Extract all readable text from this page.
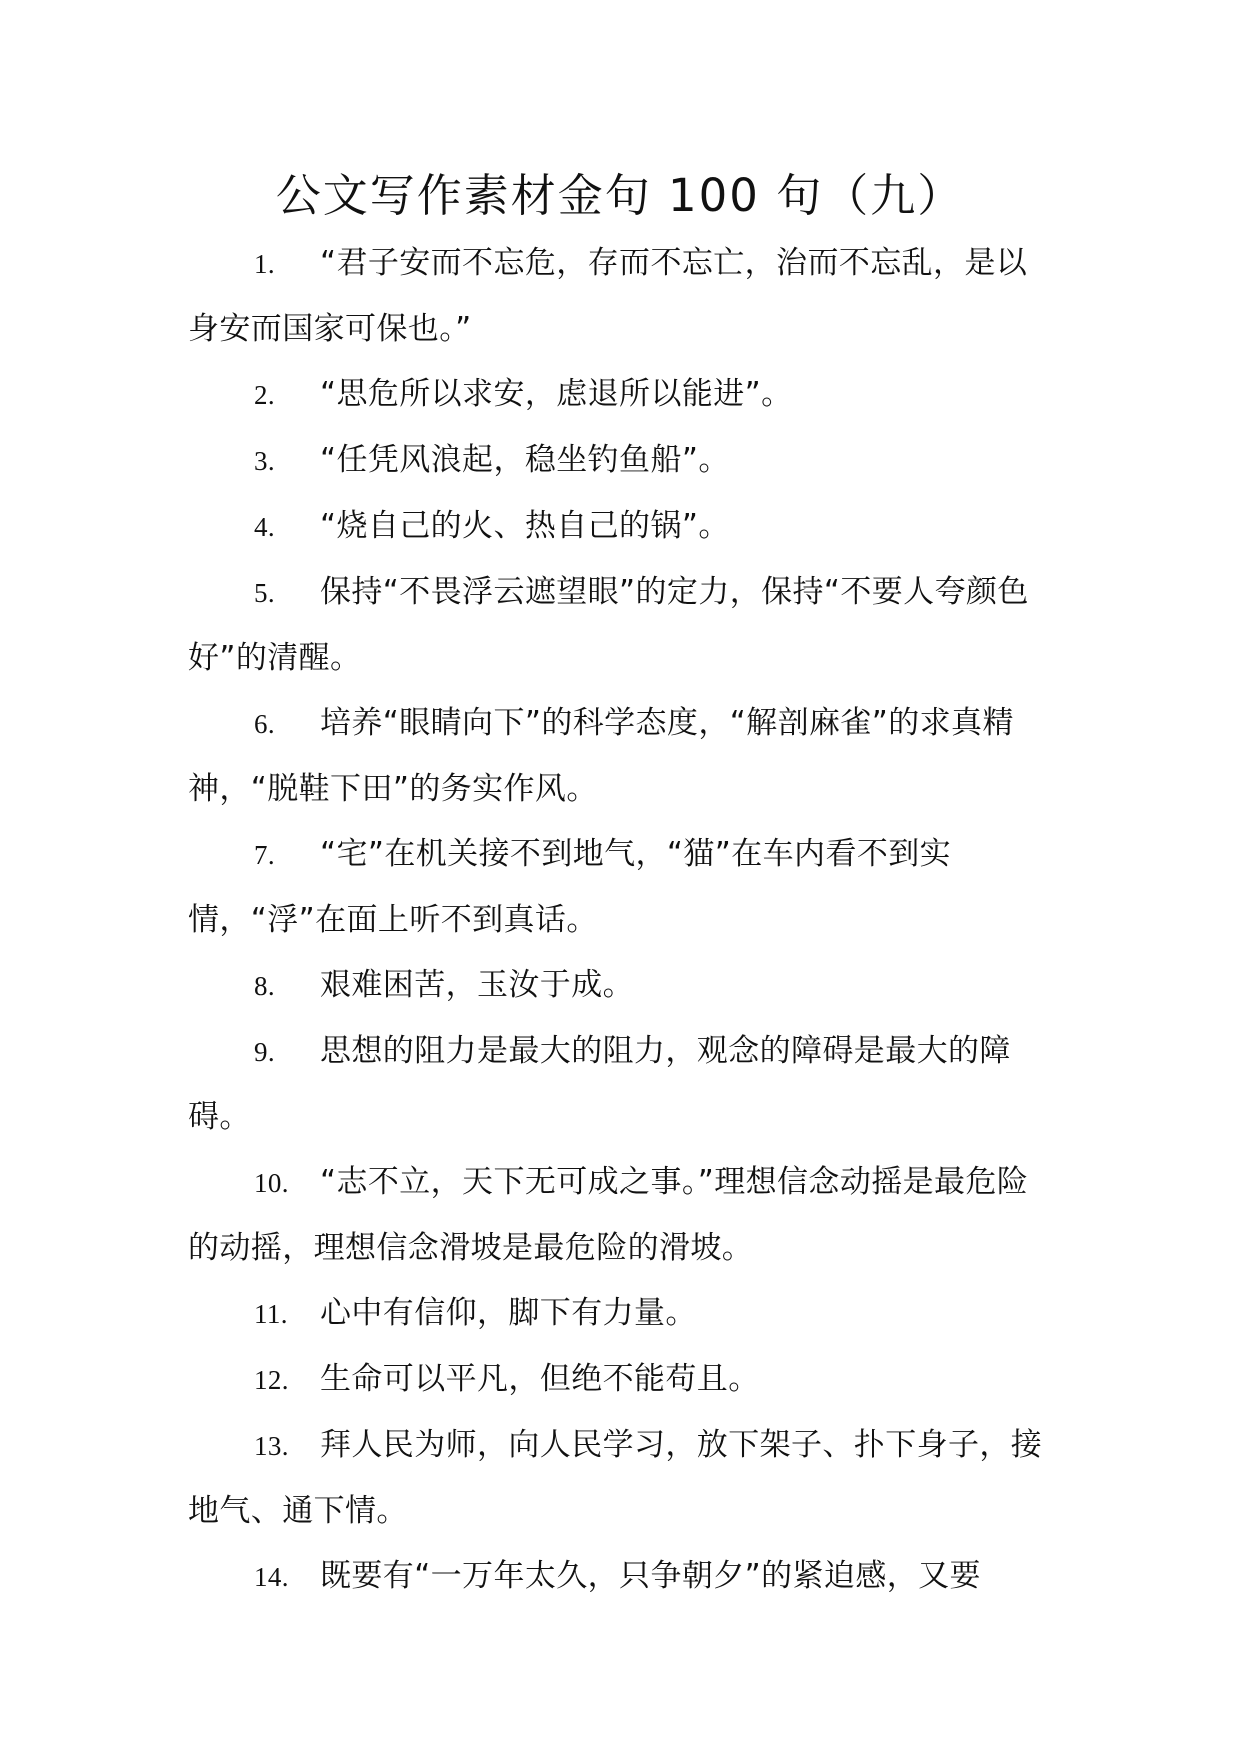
公文写作素材金句 100 句（九）

1. “君子安而不忘危，存而不忘亡，治而不忘乱，是以身安而国家可保也。”

2. “思危所以求安，虑退所以能进”。

3. “任凭风浪起，稳坐钓鱼船”。

4. “烧自己的火、热自己的锅”。

5. 保持“不畏浮云遮望眼”的定力，保持“不要人夸颜色好”的清醒。

6. 培养“眼睛向下”的科学态度，“解剖麻雀”的求真精神，“脱鞋下田”的务实作风。

7. “宅”在机关接不到地气，“猫”在车内看不到实情，“浮”在面上听不到真话。

8. 艰难困苦，玉汝于成。

9. 思想的阻力是最大的阻力，观念的障碍是最大的障碍。

10. “志不立，天下无可成之事。”理想信念动摇是最危险的动摇，理想信念滑坡是最危险的滑坡。

11. 心中有信仰，脚下有力量。

12. 生命可以平凡，但绝不能苟且。

13. 拜人民为师，向人民学习，放下架子、扑下身子，接地气、通下情。

14. 既要有“一万年太久，只争朝夕”的紧迫感，又要
